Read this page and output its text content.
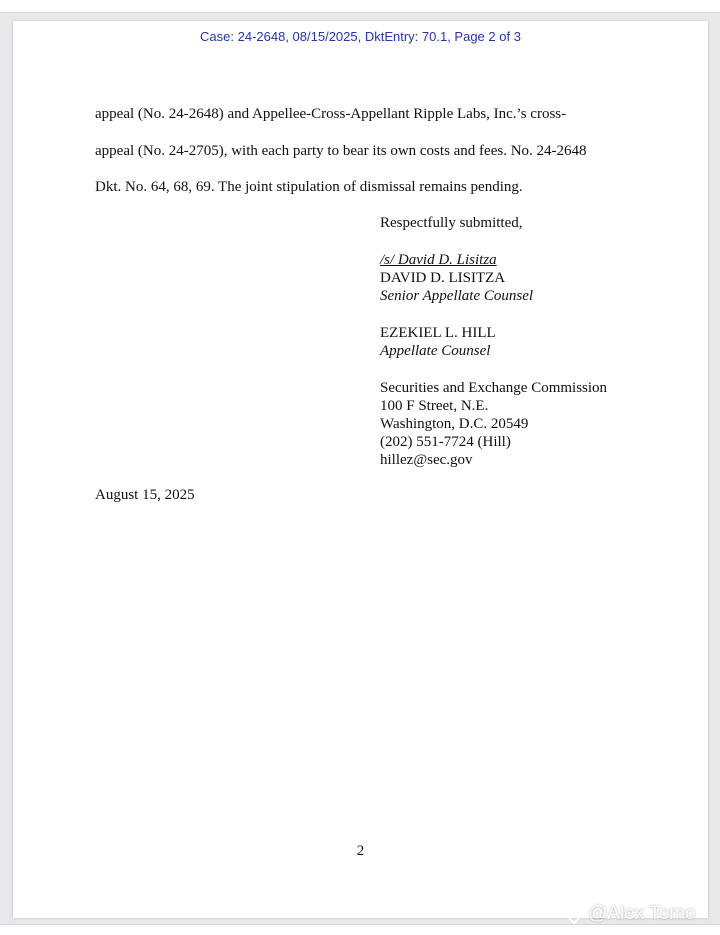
Case: 24-2648, 08/15/2025, DktEntry: 70.1, Page 2 of 3
appeal (No. 24-2648) and Appellee-Cross-Appellant Ripple Labs, Inc.’s cross-
appeal (No. 24-2705), with each party to bear its own costs and fees. No. 24-2648
Dkt. No. 64, 68, 69. The joint stipulation of dismissal remains pending.
Respectfully submitted,
/s/ David D. Lisitza
DAVID D. LISITZA
Senior Appellate Counsel
EZEKIEL L. HILL
Appellate Counsel
Securities and Exchange Commission
100 F Street, N.E.
Washington, D.C. 20549
(202) 551-7724 (Hill)
hillez@sec.gov
August 15, 2025
2
@Alex Tomo
